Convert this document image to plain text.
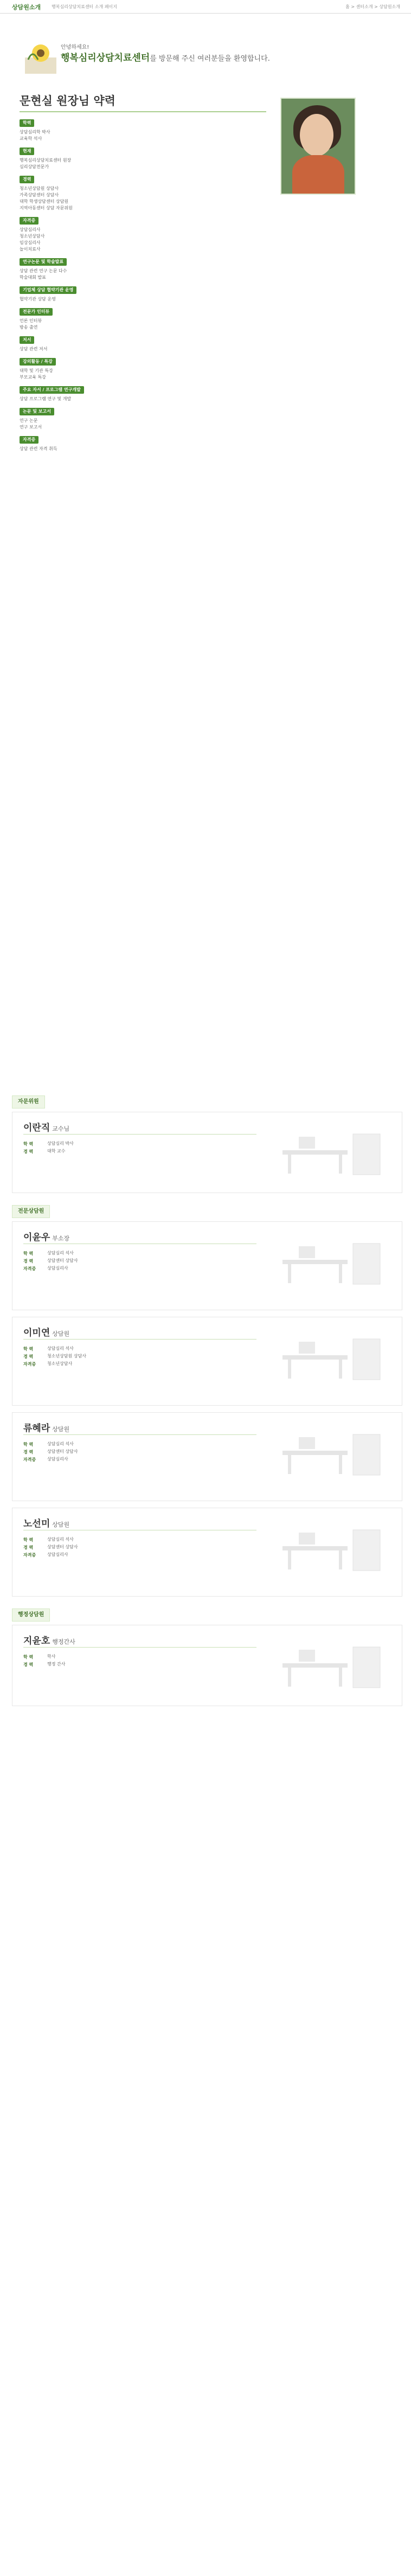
상담원소개 행복심리상담치료센터 소개 페이지	홈 > 센터소개 > 상담원소개
안녕하세요!
행복심리상담치료센터를 방문해 주신 여러분들을 환영합니다.
문현실 원장님 약력
학력
상담심리학 박사
교육학 석사
현재
행복심리상담치료센터 원장
심리상담전문가
경력
청소년상담원 상담사
가족상담센터 상담사
대학 학생상담센터 상담원
지역아동센터 상담 자문위원
자격증
상담심리사
청소년상담사
임상심리사
놀이치료사
연구논문 및 학술발표
상담 관련 연구 논문 다수
학술대회 발표
기업체 상담 협약기관 운영
협약기관 상담 운영
전문가 인터뷰
언론 인터뷰
방송 출연
저서
상담 관련 저서
강의활동 / 특강
대학 및 기관 특강
부모교육 특강
주요 자서 / 프로그램 연구개발
상담 프로그램 연구 및 개발
논문 및 보고서
연구 논문
연구 보고서
자격증
상담 관련 자격 취득
자문위원
이란직 교수님
학 력	상담심리 박사
경 력	대학 교수
전문상담원
이윤우 부소장
학 력	상담심리 석사
경 력	상담센터 상담사
자격증	상담심리사
이미연 상담원
학 력	상담심리 석사
경 력	청소년상담원 상담사
자격증	청소년상담사
류혜라 상담원
학 력	상담심리 석사
경 력	상담센터 상담사
자격증	상담심리사
노선미 상담원
학 력	상담심리 석사
경 력	상담센터 상담사
자격증	상담심리사
행정상담원
지윤호 행정간사
학 력	학사
경 력	행정 간사
